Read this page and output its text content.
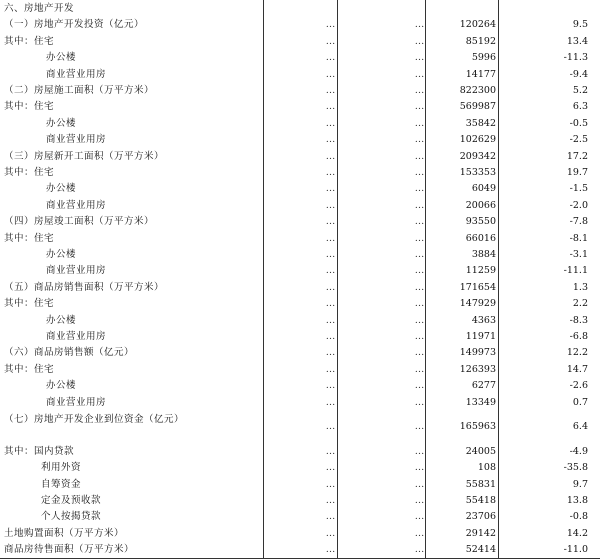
六、房地产开发
（一）房地产开发投资（亿元）	…	…	120264	9.5
其中：住宅	…	…	85192	13.4
办公楼	…	…	5996	-11.3
商业营业用房	…	…	14177	-9.4
（二）房屋施工面积（万平方米）	…	…	822300	5.2
其中：住宅	…	…	569987	6.3
办公楼	…	…	35842	-0.5
商业营业用房	…	…	102629	-2.5
（三）房屋新开工面积（万平方米）	…	…	209342	17.2
其中：住宅	…	…	153353	19.7
办公楼	…	…	6049	-1.5
商业营业用房	…	…	20066	-2.0
（四）房屋竣工面积（万平方米）	…	…	93550	-7.8
其中：住宅	…	…	66016	-8.1
办公楼	…	…	3884	-3.1
商业营业用房	…	…	11259	-11.1
（五）商品房销售面积（万平方米）	…	…	171654	1.3
其中：住宅	…	…	147929	2.2
办公楼	…	…	4363	-8.3
商业营业用房	…	…	11971	-6.8
（六）商品房销售额（亿元）	…	…	149973	12.2
其中：住宅	…	…	126393	14.7
办公楼	…	…	6277	-2.6
商业营业用房	…	…	13349	0.7
（七）房地产开发企业到位资金（亿元）
…	…	165963	6.4
其中：国内贷款	…	…	24005	-4.9
利用外资	…	…	108	-35.8
自筹资金	…	…	55831	9.7
定金及预收款	…	…	55418	13.8
个人按揭贷款	…	…	23706	-0.8
土地购置面积（万平方米）	…	…	29142	14.2
商品房待售面积（万平方米）	…	…	52414	-11.0
